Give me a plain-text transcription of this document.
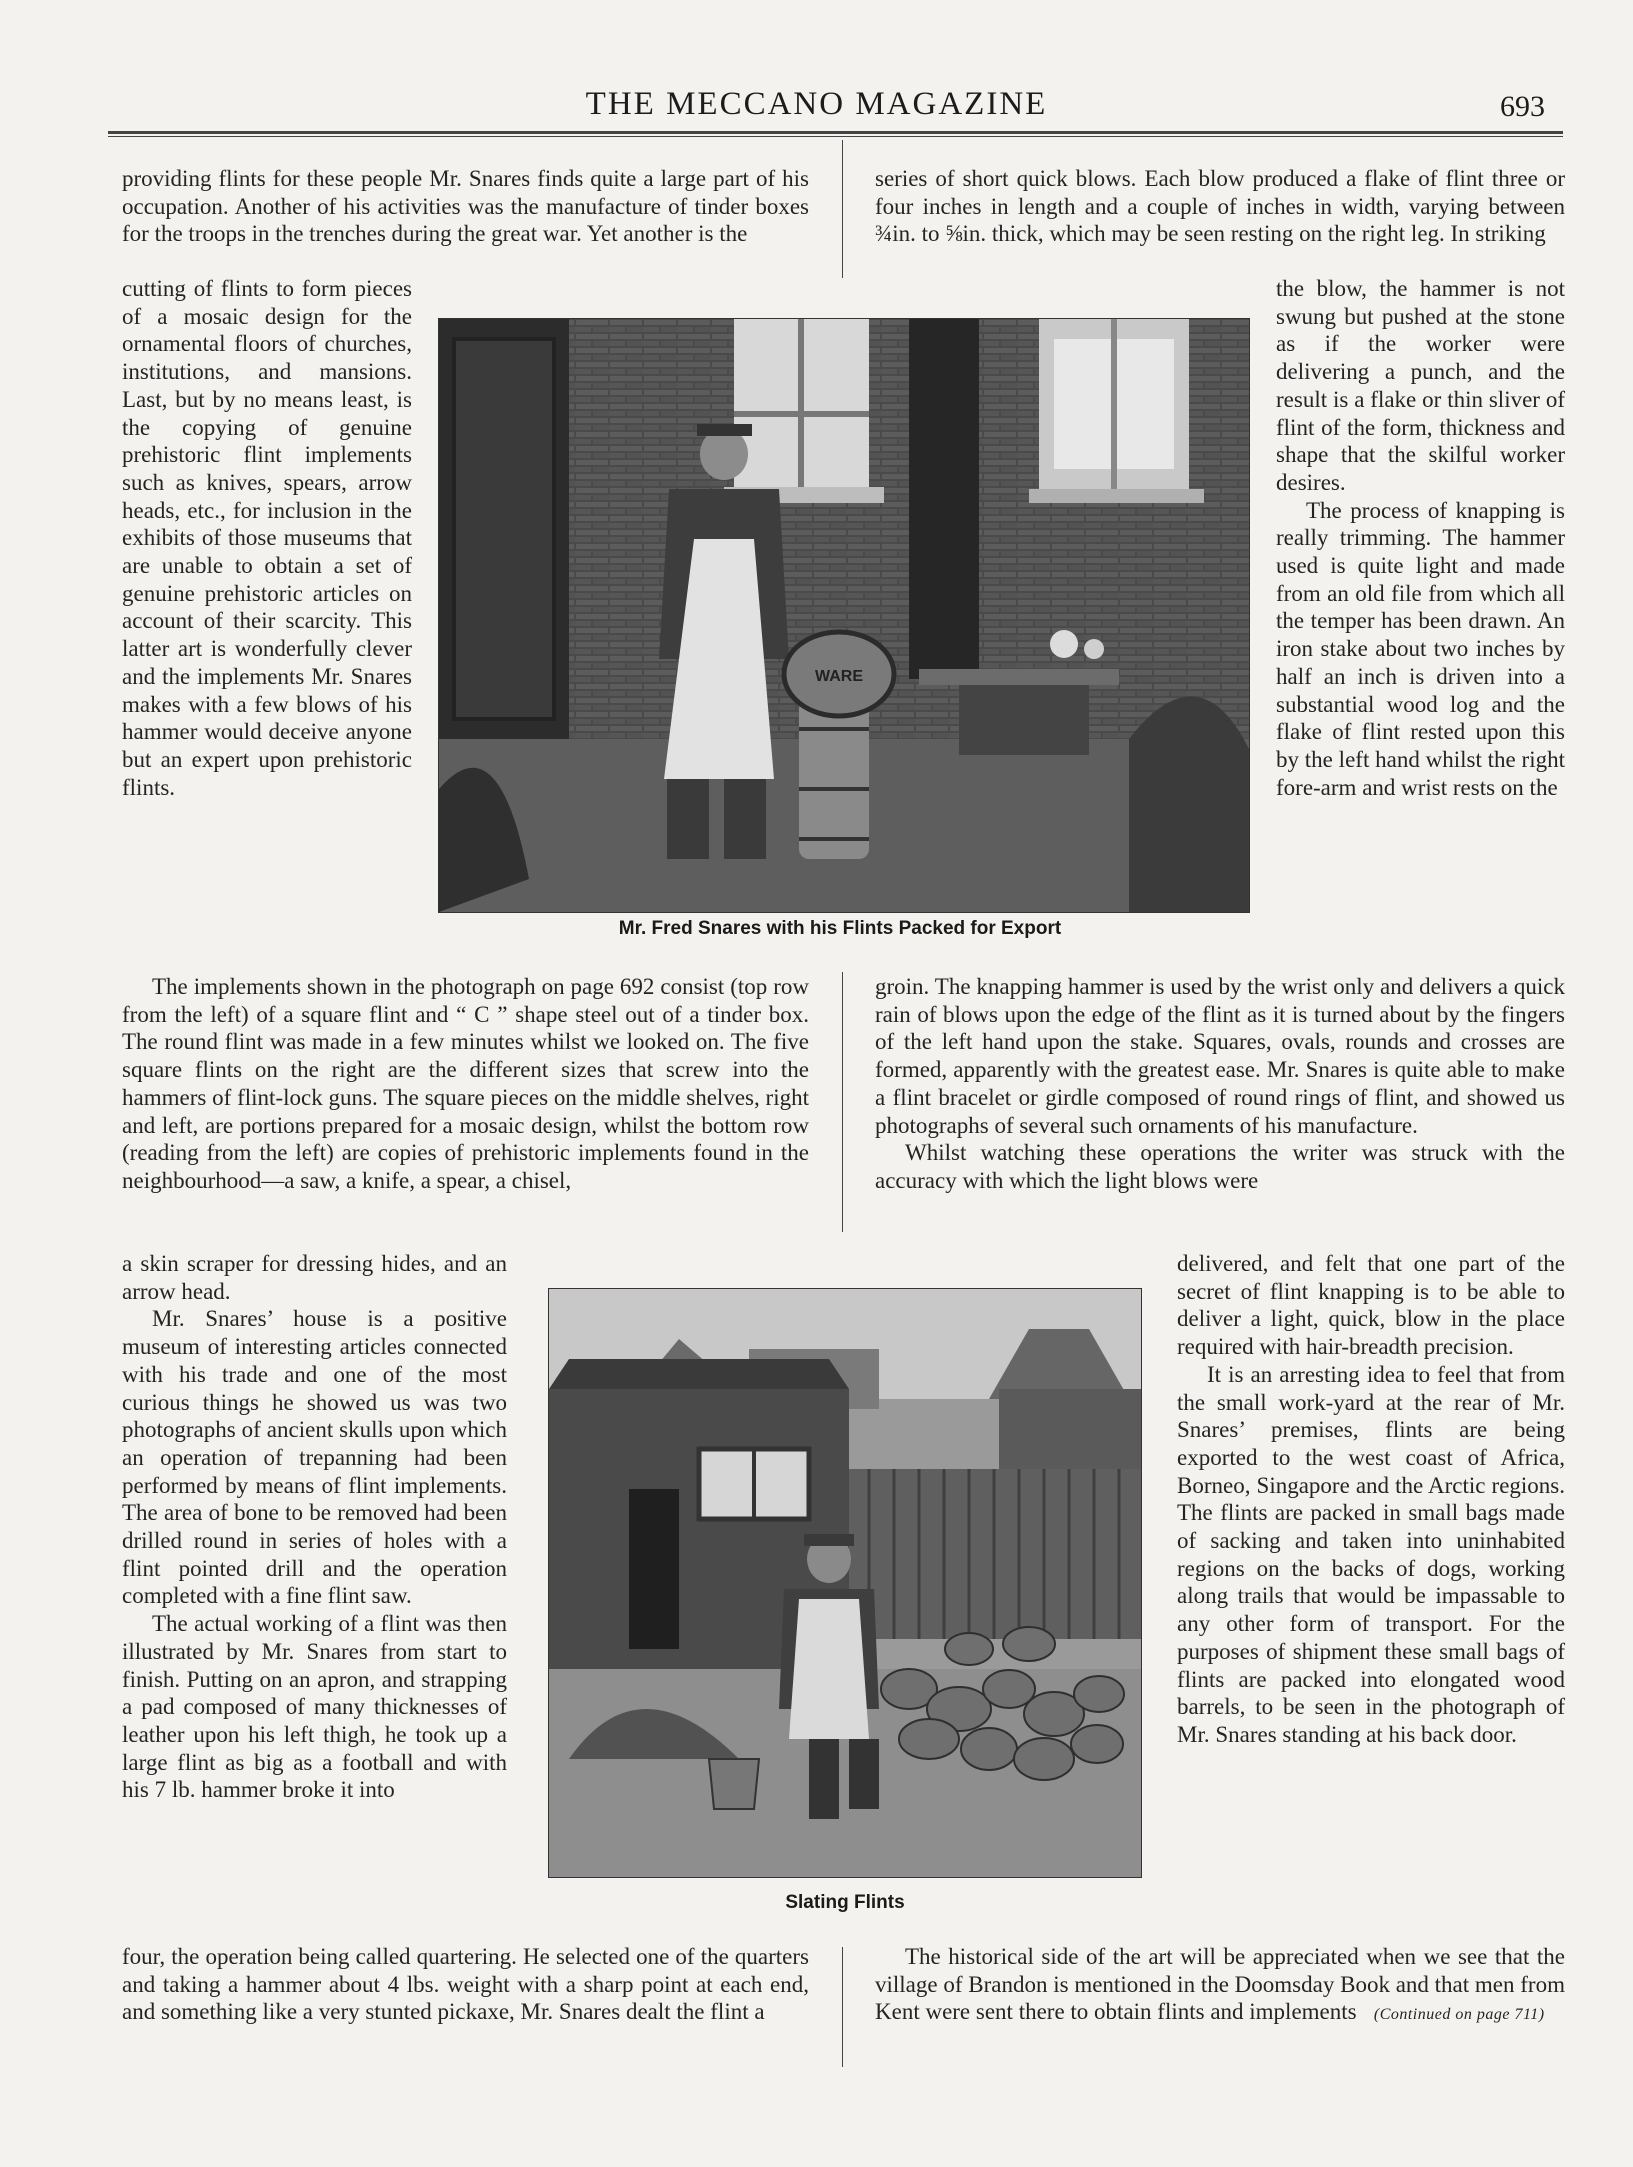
THE MECCANO MAGAZINE	693

providing flints for these people Mr. Snares finds quite a large part of his occupation. Another of his activities was the manufacture of tinder boxes for the troops in the trenches during the great war. Yet another is the

series of short quick blows. Each blow produced a flake of flint three or four inches in length and a couple of inches in width, varying between ¾in. to ⅝in. thick, which may be seen resting on the right leg. In striking

cutting of flints to form pieces of a mosaic design for the ornamental floors of churches, institutions, and mansions. Last, but by no means least, is the copying of genuine prehistoric flint implements such as knives, spears, arrow heads, etc., for inclusion in the exhibits of those museums that are unable to obtain a set of genuine prehistoric articles on account of their scarcity. This latter art is wonderfully clever and the implements Mr. Snares makes with a few blows of his hammer would deceive anyone but an expert upon prehistoric flints.

the blow, the hammer is not swung but pushed at the stone as if the worker were delivering a punch, and the result is a flake or thin sliver of flint of the form, thickness and shape that the skilful worker desires.

The process of knapping is really trimming. The hammer used is quite light and made from an old file from which all the temper has been drawn. An iron stake about two inches by half an inch is driven into a substantial wood log and the flake of flint rested upon this by the left hand whilst the right fore-arm and wrist rests on the

WARE
Mr. Fred Snares with his Flints Packed for Export

The implements shown in the photograph on page 692 consist (top row from the left) of a square flint and “ C ” shape steel out of a tinder box. The round flint was made in a few minutes whilst we looked on. The five square flints on the right are the different sizes that screw into the hammers of flint-lock guns. The square pieces on the middle shelves, right and left, are portions prepared for a mosaic design, whilst the bottom row (reading from the left) are copies of prehistoric implements found in the neighbourhood—a saw, a knife, a spear, a chisel,

groin. The knapping hammer is used by the wrist only and delivers a quick rain of blows upon the edge of the flint as it is turned about by the fingers of the left hand upon the stake. Squares, ovals, rounds and crosses are formed, apparently with the greatest ease. Mr. Snares is quite able to make a flint bracelet or girdle composed of round rings of flint, and showed us photographs of several such ornaments of his manufacture.

Whilst watching these operations the writer was struck with the accuracy with which the light blows were

a skin scraper for dressing hides, and an arrow head.

Mr. Snares’ house is a positive museum of interesting articles connected with his trade and one of the most curious things he showed us was two photographs of ancient skulls upon which an operation of trepanning had been performed by means of flint implements. The area of bone to be removed had been drilled round in series of holes with a flint pointed drill and the operation completed with a fine flint saw.

The actual working of a flint was then illustrated by Mr. Snares from start to finish. Putting on an apron, and strapping a pad composed of many thicknesses of leather upon his left thigh, he took up a large flint as big as a football and with his 7 lb. hammer broke it into

delivered, and felt that one part of the secret of flint knapping is to be able to deliver a light, quick, blow in the place required with hair-breadth precision.

It is an arresting idea to feel that from the small work-yard at the rear of Mr. Snares’ premises, flints are being exported to the west coast of Africa, Borneo, Singapore and the Arctic regions. The flints are packed in small bags made of sacking and taken into uninhabited regions on the backs of dogs, working along trails that would be impassable to any other form of transport. For the purposes of shipment these small bags of flints are packed into elongated wood barrels, to be seen in the photograph of Mr. Snares standing at his back door.

Slating Flints

four, the operation being called quartering. He selected one of the quarters and taking a hammer about 4 lbs. weight with a sharp point at each end, and something like a very stunted pickaxe, Mr. Snares dealt the flint a

The historical side of the art will be appreciated when we see that the village of Brandon is mentioned in the Doomsday Book and that men from Kent were sent there to obtain flints and implements (Continued on page 711)
